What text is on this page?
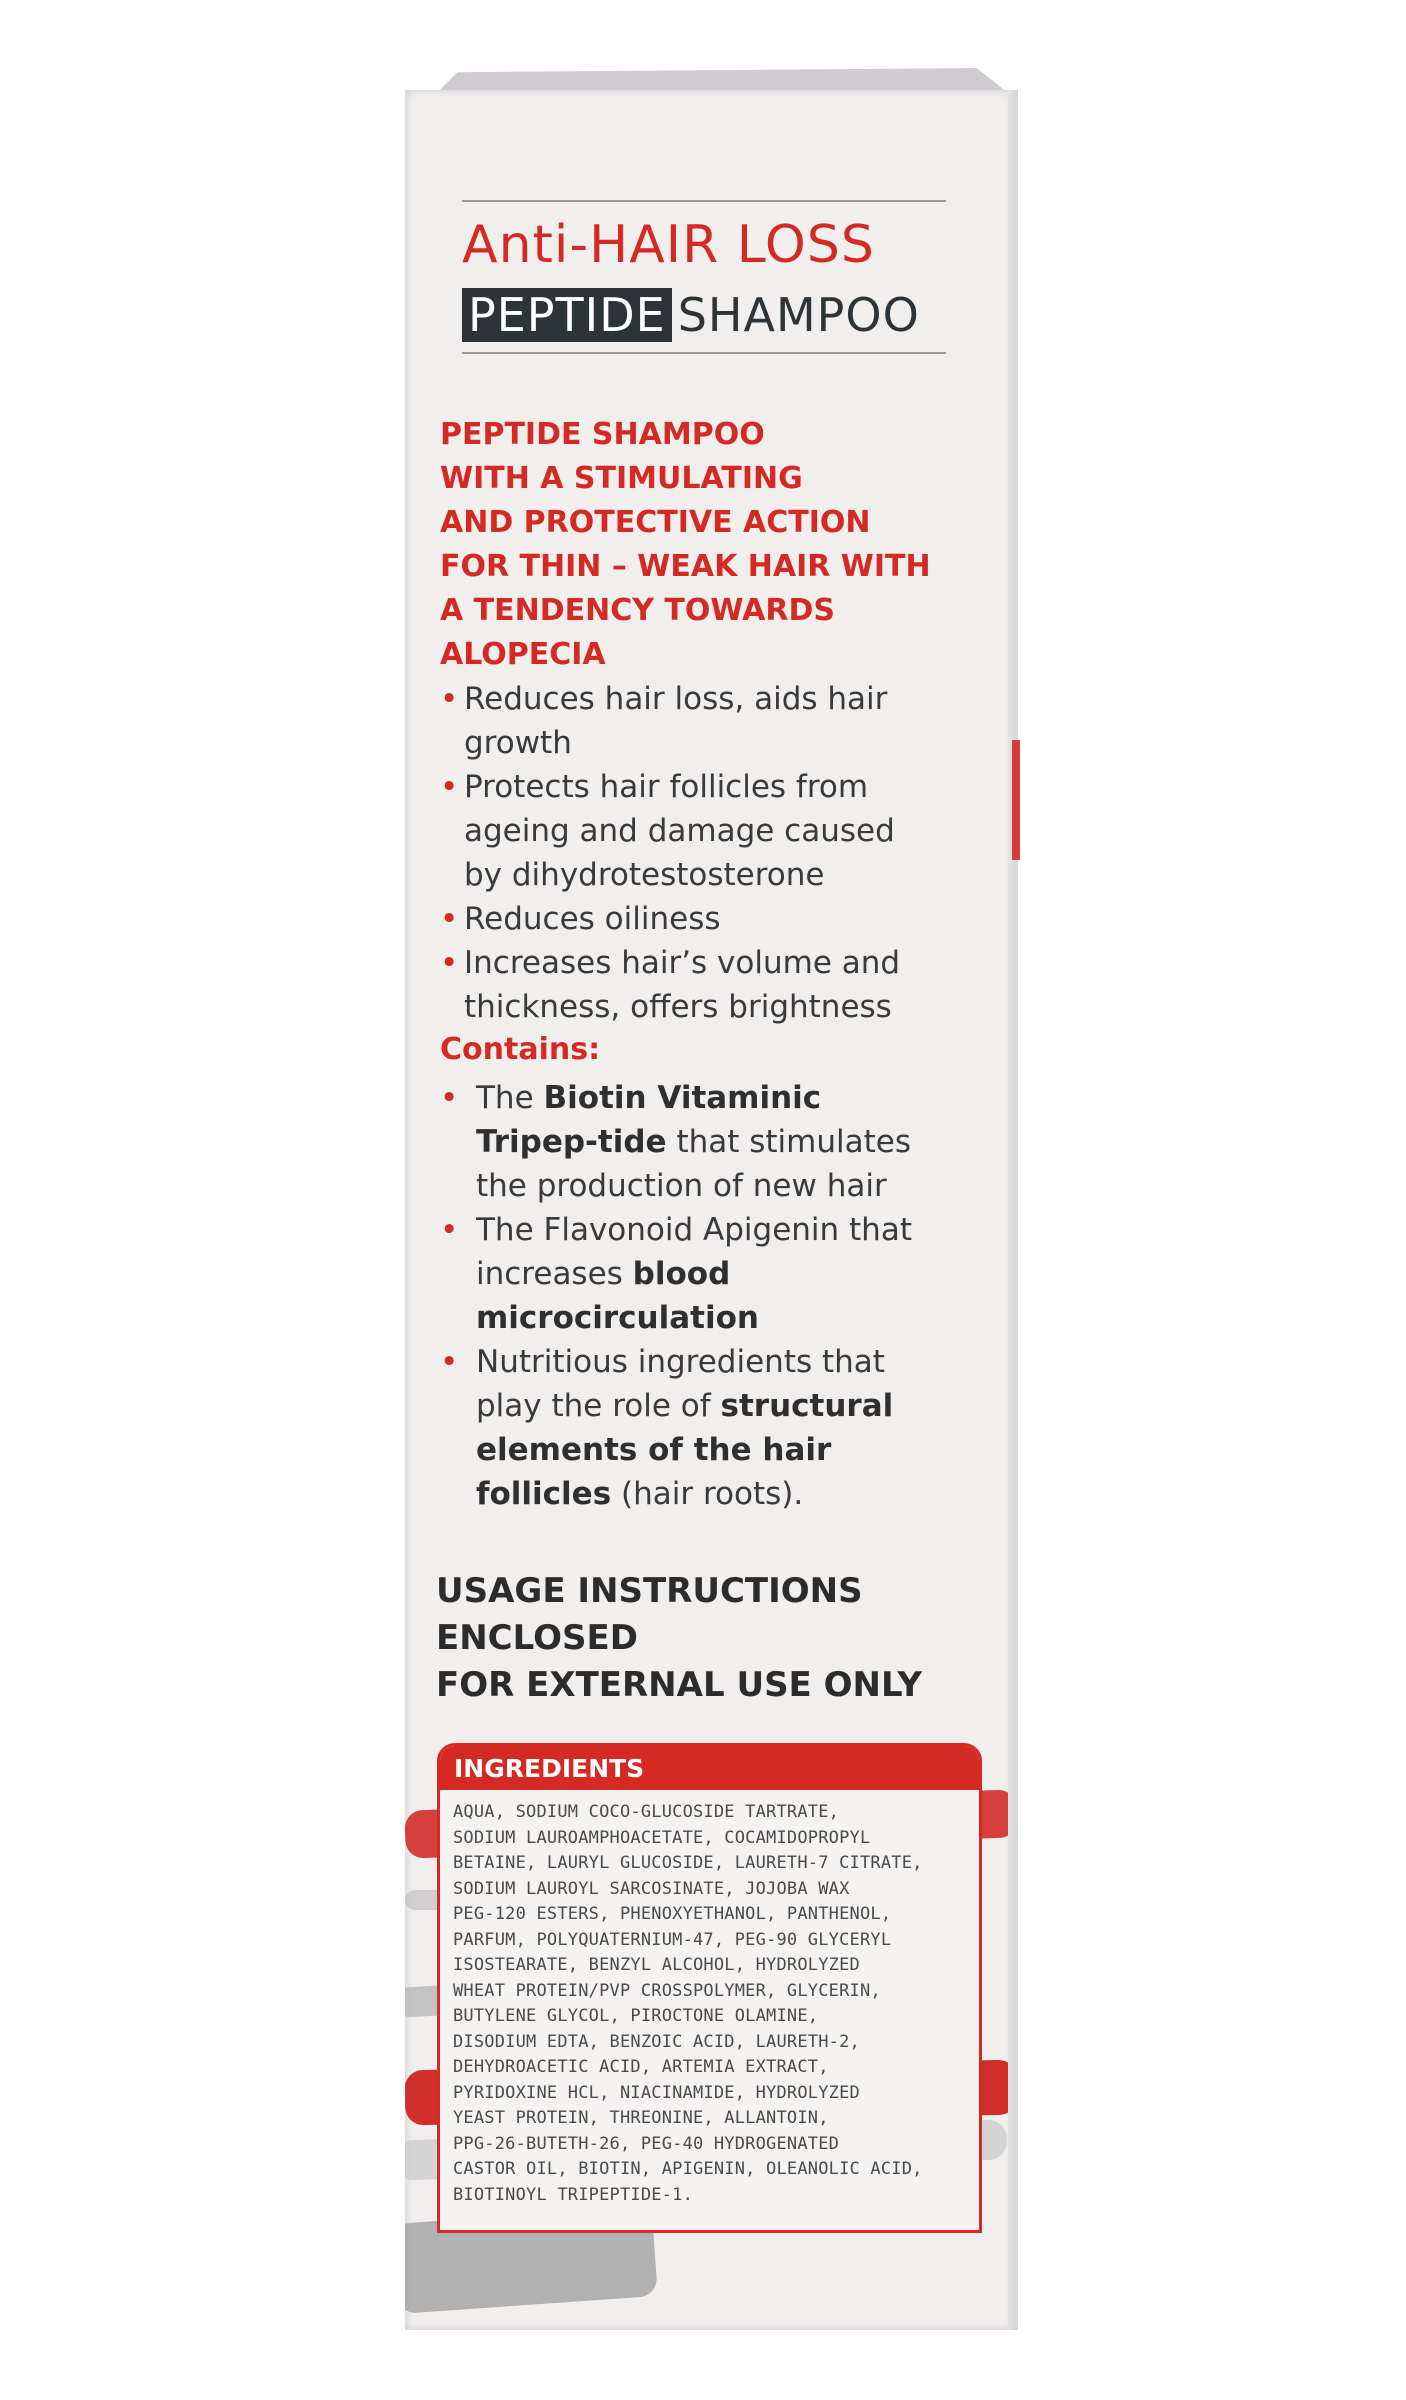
Anti-HAIR LOSS
PEPTIDE SHAMPOO
PEPTIDE SHAMPOO
WITH A STIMULATING
AND PROTECTIVE ACTION
FOR THIN – WEAK HAIR WITH
A TENDENCY TOWARDS
ALOPECIA
• Reduces hair loss, aids hair growth
• Protects hair follicles from ageing and damage caused by dihydrotestosterone
• Reduces oiliness
• Increases hair’s volume and thickness, offers brightness
Contains:
• The Biotin Vitaminic Tripep-tide that stimulates the production of new hair
• The Flavonoid Apigenin that increases blood microcirculation
• Nutritious ingredients that play the role of structural elements of the hair follicles (hair roots).
USAGE INSTRUCTIONS
ENCLOSED
FOR EXTERNAL USE ONLY
INGREDIENTS
AQUA, SODIUM COCO-GLUCOSIDE TARTRATE,
SODIUM LAUROAMPHOACETATE, COCAMIDOPROPYL
BETAINE, LAURYL GLUCOSIDE, LAURETH-7 CITRATE,
SODIUM LAUROYL SARCOSINATE, JOJOBA WAX
PEG-120 ESTERS, PHENOXYETHANOL, PANTHENOL,
PARFUM, POLYQUATERNIUM-47, PEG-90 GLYCERYL
ISOSTEARATE, BENZYL ALCOHOL, HYDROLYZED
WHEAT PROTEIN/PVP CROSSPOLYMER, GLYCERIN,
BUTYLENE GLYCOL, PIROCTONE OLAMINE,
DISODIUM EDTA, BENZOIC ACID, LAURETH-2,
DEHYDROACETIC ACID, ARTEMIA EXTRACT,
PYRIDOXINE HCL, NIACINAMIDE, HYDROLYZED
YEAST PROTEIN, THREONINE, ALLANTOIN,
PPG-26-BUTETH-26, PEG-40 HYDROGENATED
CASTOR OIL, BIOTIN, APIGENIN, OLEANOLIC ACID,
BIOTINOYL TRIPEPTIDE-1.
